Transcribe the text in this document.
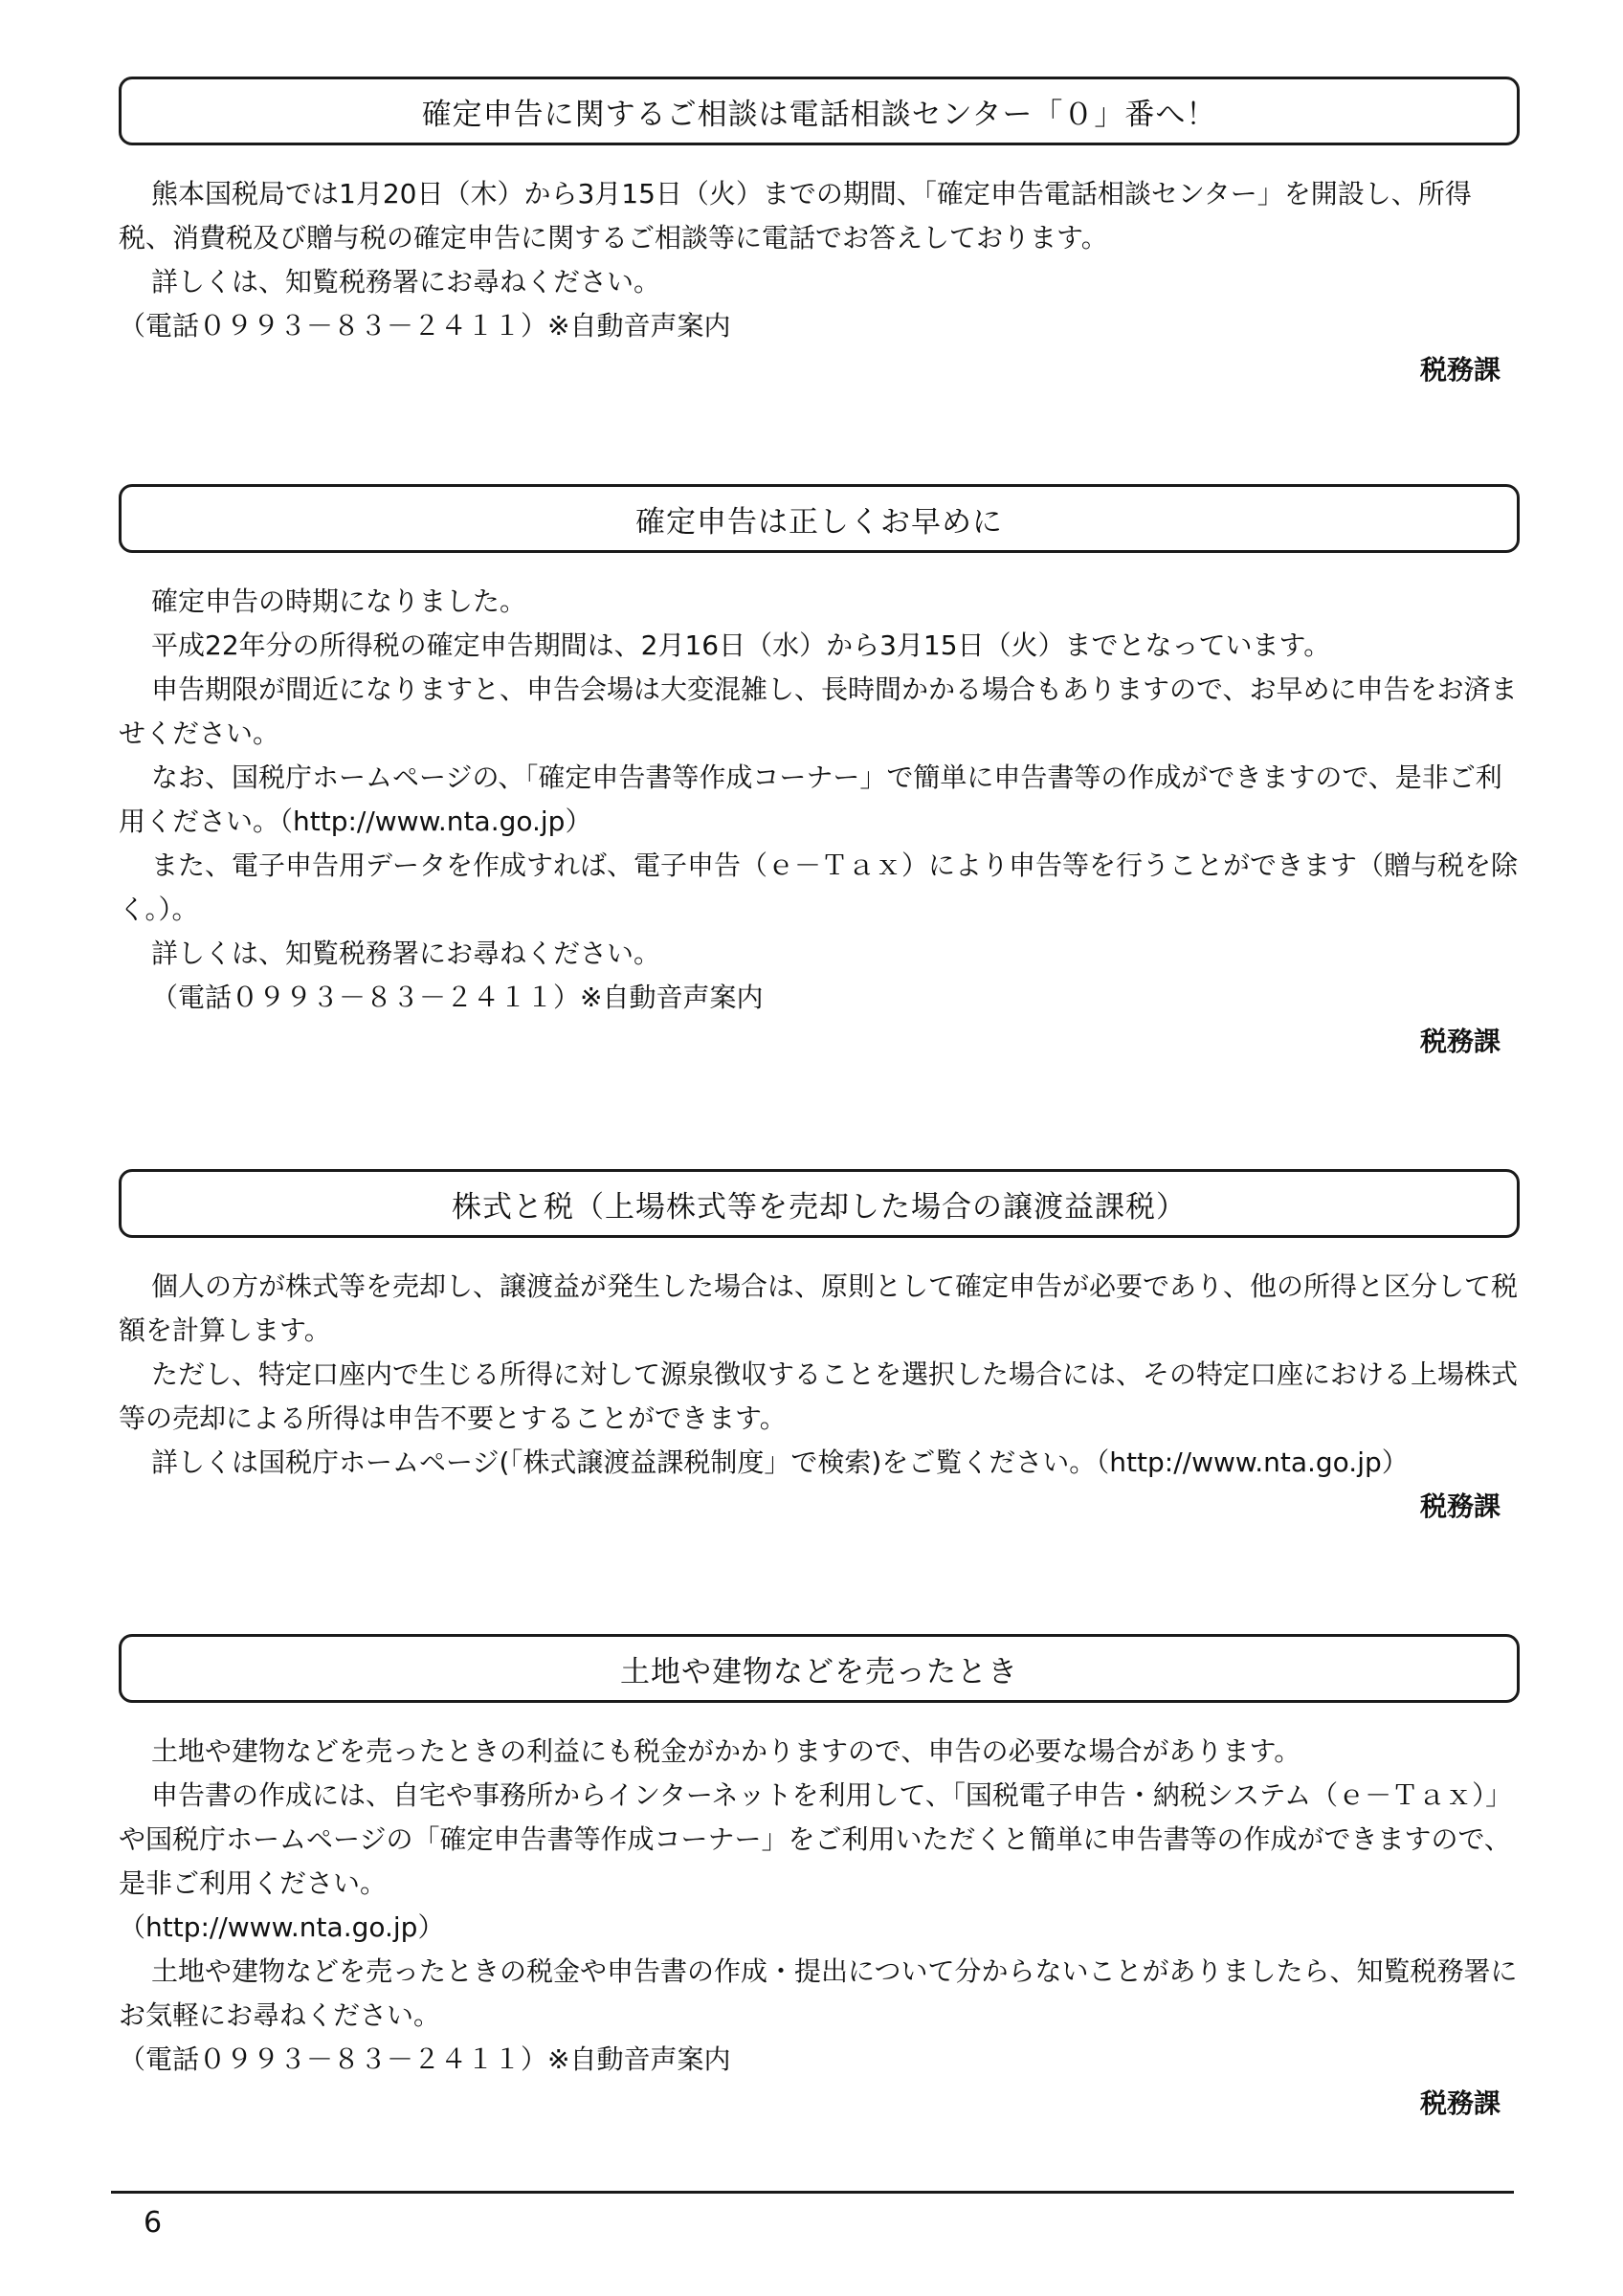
確定申告に関するご相談は電話相談センター「０」番へ！

熊本国税局では1月20日（木）から3月15日（火）までの期間、「確定申告電話相談センター」を開設し、所得税、消費税及び贈与税の確定申告に関するご相談等に電話でお答えしております。

詳しくは、知覧税務署にお尋ねください。

（電話０９９３－８３－２４１１）※自動音声案内

税務課
確定申告は正しくお早めに

確定申告の時期になりました。

平成22年分の所得税の確定申告期間は、2月16日（水）から3月15日（火）までとなっています。

申告期限が間近になりますと、申告会場は大変混雑し、長時間かかる場合もありますので、お早めに申告をお済ませください。

なお、国税庁ホームページの、「確定申告書等作成コーナー」で簡単に申告書等の作成ができますので、是非ご利用ください。（http://www.nta.go.jp）

また、電子申告用データを作成すれば、電子申告（ｅ－Ｔａｘ）により申告等を行うことができます（贈与税を除く。）。

詳しくは、知覧税務署にお尋ねください。

（電話０９９３－８３－２４１１）※自動音声案内

税務課
株式と税（上場株式等を売却した場合の譲渡益課税）

個人の方が株式等を売却し、譲渡益が発生した場合は、原則として確定申告が必要であり、他の所得と区分して税額を計算します。

ただし、特定口座内で生じる所得に対して源泉徴収することを選択した場合には、その特定口座における上場株式等の売却による所得は申告不要とすることができます。

詳しくは国税庁ホームページ(「株式譲渡益課税制度」で検索)をご覧ください。（http://www.nta.go.jp）

税務課
土地や建物などを売ったとき

土地や建物などを売ったときの利益にも税金がかかりますので、申告の必要な場合があります。

申告書の作成には、自宅や事務所からインターネットを利用して、「国税電子申告・納税システム（ｅ－Ｔａｘ）」や国税庁ホームページの「確定申告書等作成コーナー」をご利用いただくと簡単に申告書等の作成ができますので、是非ご利用ください。

（http://www.nta.go.jp）

土地や建物などを売ったときの税金や申告書の作成・提出について分からないことがありましたら、知覧税務署にお気軽にお尋ねください。

（電話０９９３－８３－２４１１）※自動音声案内

税務課
6
